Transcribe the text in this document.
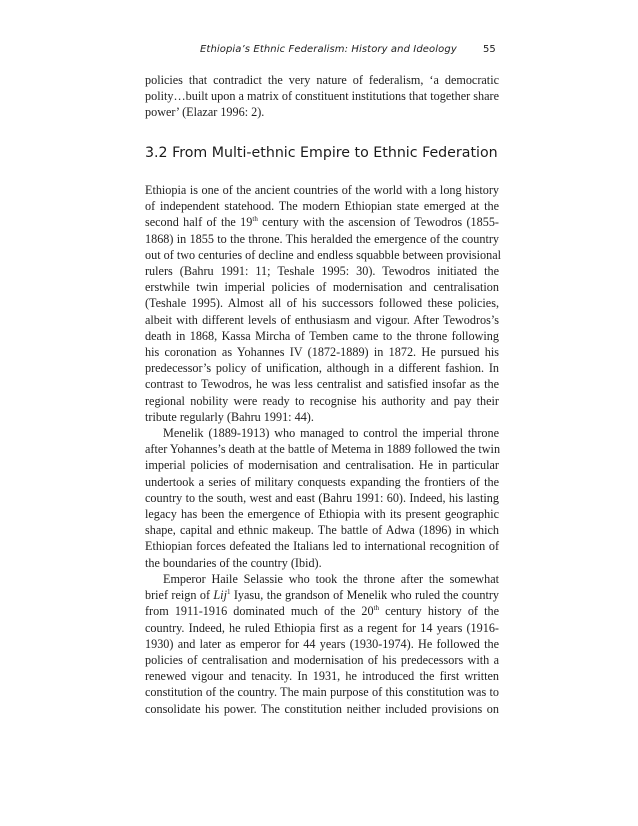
Ethiopia’s Ethnic Federalism: History and Ideology	55
policies that contradict the very nature of federalism, ‘a democratic
polity…built upon a matrix of constituent institutions that together share
power’ (Elazar 1996: 2).
3.2 From Multi-ethnic Empire to Ethnic Federation
Ethiopia is one of the ancient countries of the world with a long history
of independent statehood. The modern Ethiopian state emerged at the
second half of the 19th century with the ascension of Tewodros (1855-
1868) in 1855 to the throne. This heralded the emergence of the country
out of two centuries of decline and endless squabble between provisional
rulers (Bahru 1991: 11; Teshale 1995: 30). Tewodros initiated the
erstwhile twin imperial policies of modernisation and centralisation
(Teshale 1995). Almost all of his successors followed these policies,
albeit with different levels of enthusiasm and vigour. After Tewodros’s
death in 1868, Kassa Mircha of Temben came to the throne following
his coronation as Yohannes IV (1872-1889) in 1872. He pursued his
predecessor’s policy of unification, although in a different fashion. In
contrast to Tewodros, he was less centralist and satisfied insofar as the
regional nobility were ready to recognise his authority and pay their
tribute regularly (Bahru 1991: 44).
Menelik (1889-1913) who managed to control the imperial throne
after Yohannes’s death at the battle of Metema in 1889 followed the twin
imperial policies of modernisation and centralisation. He in particular
undertook a series of military conquests expanding the frontiers of the
country to the south, west and east (Bahru 1991: 60). Indeed, his lasting
legacy has been the emergence of Ethiopia with its present geographic
shape, capital and ethnic makeup. The battle of Adwa (1896) in which
Ethiopian forces defeated the Italians led to international recognition of
the boundaries of the country (Ibid).
Emperor Haile Selassie who took the throne after the somewhat
brief reign of Lij$^1$ Iyasu, the grandson of Menelik who ruled the country
from 1911-1916 dominated much of the 20th century history of the
country. Indeed, he ruled Ethiopia first as a regent for 14 years (1916-
1930) and later as emperor for 44 years (1930-1974). He followed the
policies of centralisation and modernisation of his predecessors with a
renewed vigour and tenacity. In 1931, he introduced the first written
constitution of the country. The main purpose of this constitution was to
consolidate his power. The constitution neither included provisions on
